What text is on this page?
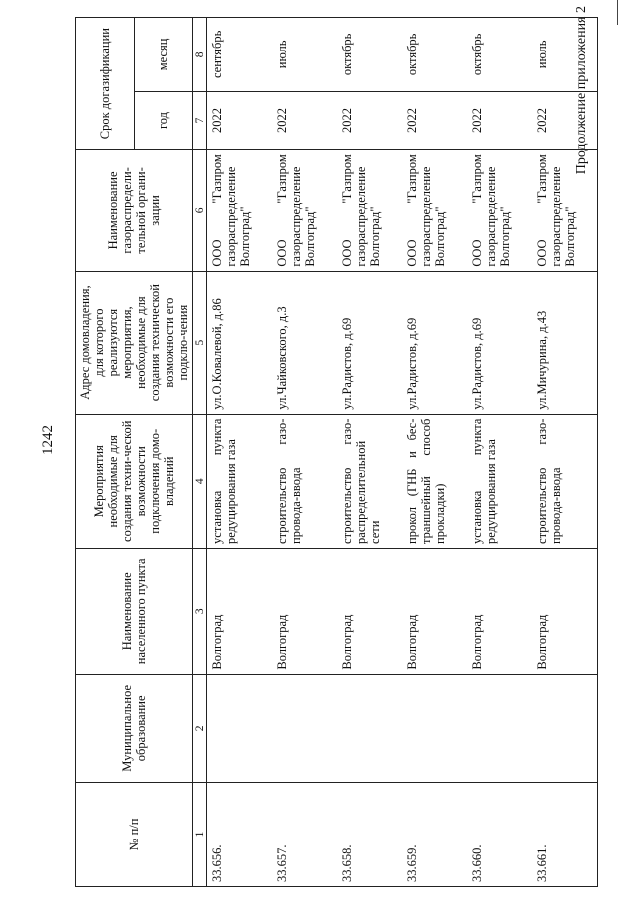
1242
Продолжение приложения 2
№ п/п	Муниципальное образование	Наименование населенного пункта	Мероприятия необходимые для создания техни-ческой возможности подключения домо-владений	Адрес домовладения, для которого реализуются мероприятия, необходимые для создания технической возможности его подклю-чения	Наименование газораспредели-тельной органи-зации	Срок догазификации	
						год	месяц
1	2	3	4	5	6	7	8
33.656.		Волгоград	установка пункта редуцирования газа	ул.О.Ковалевой, д.86	ООО "Газпром газораспределение Волгоград"	2022	сентябрь
33.657.		Волгоград	строительство газо-провода-ввода	ул.Чайковского, д.3	ООО "Газпром газораспределение Волгоград"	2022	июль
33.658.		Волгоград	строительство газо-распределительной сети	ул.Радистов, д.69	ООО "Газпром газораспределение Волгоград"	2022	октябрь
33.659.		Волгоград	прокол (ГНБ и бес-траншейный способ прокладки)	ул.Радистов, д.69	ООО "Газпром газораспределение Волгоград"	2022	октябрь
33.660.		Волгоград	установка пункта редуцирования газа	ул.Радистов, д.69	ООО "Газпром газораспределение Волгоград"	2022	октябрь
33.661.		Волгоград	строительство газо-провода-ввода	ул.Мичурина, д.43	ООО "Газпром газораспределение Волгоград"	2022	июль
